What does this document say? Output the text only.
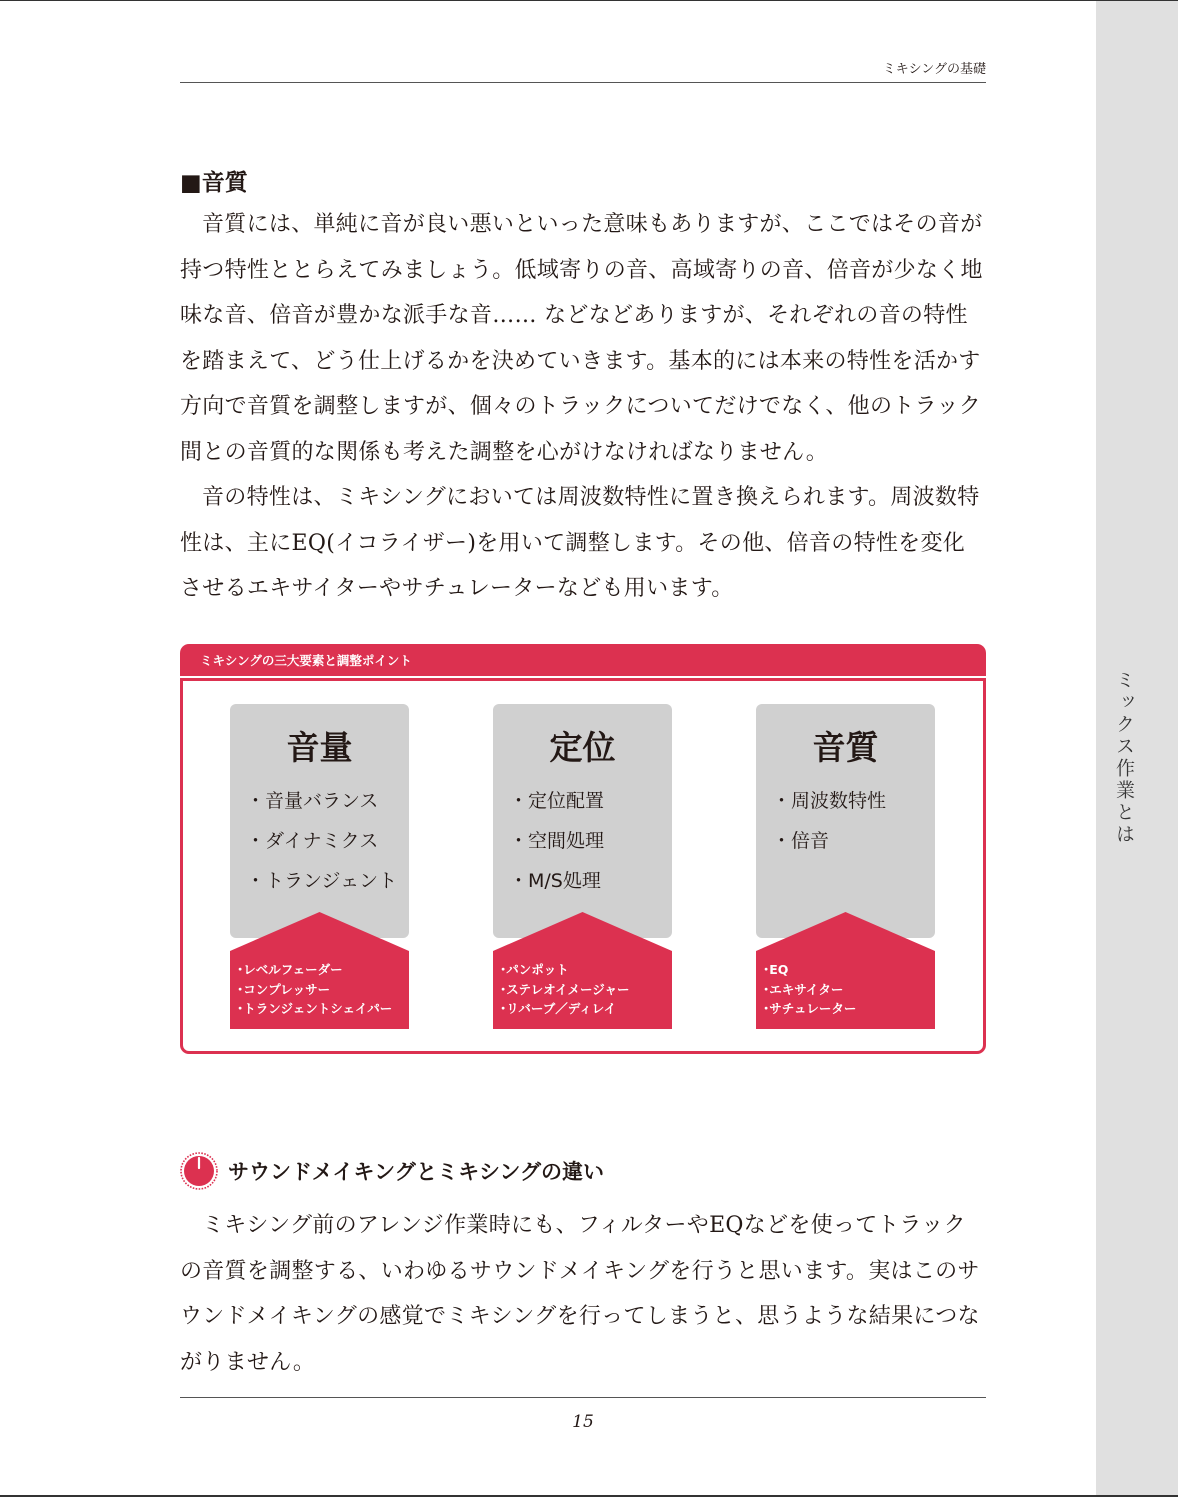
ミックス作業とは
ミキシングの基礎
■音質

音質には、単純に音が良い悪いといった意味もありますが、ここではその音が持つ特性ととらえてみましょう。低域寄りの音、高域寄りの音、倍音が少なく地味な音、倍音が豊かな派手な音…… などなどありますが、それぞれの音の特性を踏まえて、どう仕上げるかを決めていきます。基本的には本来の特性を活かす方向で音質を調整しますが、個々のトラックについてだけでなく、他のトラック間との音質的な関係も考えた調整を心がけなければなりません。

音の特性は、ミキシングにおいては周波数特性に置き換えられます。周波数特性は、主にEQ(イコライザー)を用いて調整します。その他、倍音の特性を変化させるエキサイターやサチュレーターなども用います。

ミキシングの三大要素と調整ポイント
音量
・音量バランス
・ダイナミクス
・トランジェント
･レベルフェーダー
･コンプレッサー
･トランジェントシェイパー
定位
・定位配置
・空間処理
・M/S処理
･パンポット
･ステレオイメージャー
･リバーブ／ディレイ
音質
・周波数特性
・倍音
･EQ
･エキサイター
･サチュレーター
サウンドメイキングとミキシングの違い

ミキシング前のアレンジ作業時にも、フィルターやEQなどを使ってトラックの音質を調整する、いわゆるサウンドメイキングを行うと思います。実はこのサウンドメイキングの感覚でミキシングを行ってしまうと、思うような結果につながりません。

15
